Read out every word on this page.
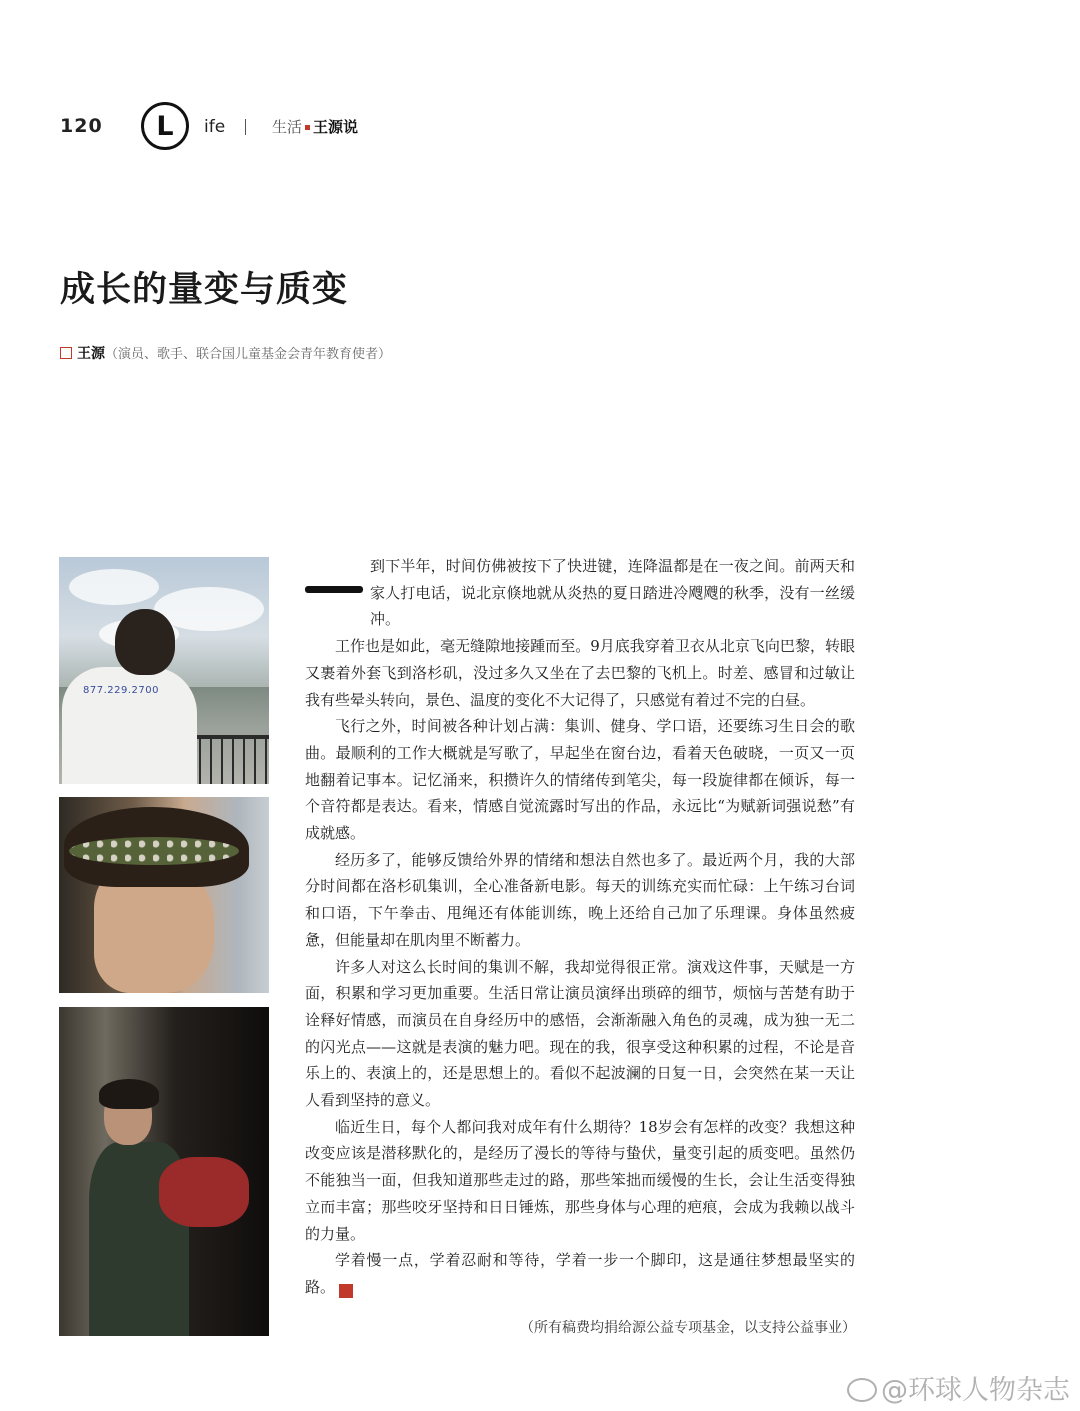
120 L ife	生活 王源说
成长的量变与质变
王源（演员、歌手、联合国儿童基金会青年教育使者）
877.229.2700

到下半年，时间仿佛被按下了快进键，连降温都是在一夜之间。前两天和家人打电话，说北京倏地就从炎热的夏日踏进冷飕飕的秋季，没有一丝缓冲。

工作也是如此，毫无缝隙地接踵而至。9月底我穿着卫衣从北京飞向巴黎，转眼又裹着外套飞到洛杉矶，没过多久又坐在了去巴黎的飞机上。时差、感冒和过敏让我有些晕头转向，景色、温度的变化不大记得了，只感觉有着过不完的白昼。

飞行之外，时间被各种计划占满：集训、健身、学口语，还要练习生日会的歌曲。最顺利的工作大概就是写歌了，早起坐在窗台边，看着天色破晓，一页又一页地翻着记事本。记忆涌来，积攒许久的情绪传到笔尖，每一段旋律都在倾诉，每一个音符都是表达。看来，情感自觉流露时写出的作品，永远比“为赋新词强说愁”有成就感。

经历多了，能够反馈给外界的情绪和想法自然也多了。最近两个月，我的大部分时间都在洛杉矶集训，全心准备新电影。每天的训练充实而忙碌：上午练习台词和口语，下午拳击、甩绳还有体能训练，晚上还给自己加了乐理课。身体虽然疲惫，但能量却在肌肉里不断蓄力。

许多人对这么长时间的集训不解，我却觉得很正常。演戏这件事，天赋是一方面，积累和学习更加重要。生活日常让演员演绎出琐碎的细节，烦恼与苦楚有助于诠释好情感，而演员在自身经历中的感悟，会渐渐融入角色的灵魂，成为独一无二的闪光点——这就是表演的魅力吧。现在的我，很享受这种积累的过程，不论是音乐上的、表演上的，还是思想上的。看似不起波澜的日复一日，会突然在某一天让人看到坚持的意义。

临近生日，每个人都问我对成年有什么期待？18岁会有怎样的改变？我想这种改变应该是潜移默化的，是经历了漫长的等待与蛰伏，量变引起的质变吧。虽然仍不能独当一面，但我知道那些走过的路，那些笨拙而缓慢的生长，会让生活变得独立而丰富；那些咬牙坚持和日日锤炼，那些身体与心理的疤痕，会成为我赖以战斗的力量。

学着慢一点，学着忍耐和等待，学着一步一个脚印，这是通往梦想最坚实的路。	G

（所有稿费均捐给源公益专项基金，以支持公益事业）
@环球人物杂志
